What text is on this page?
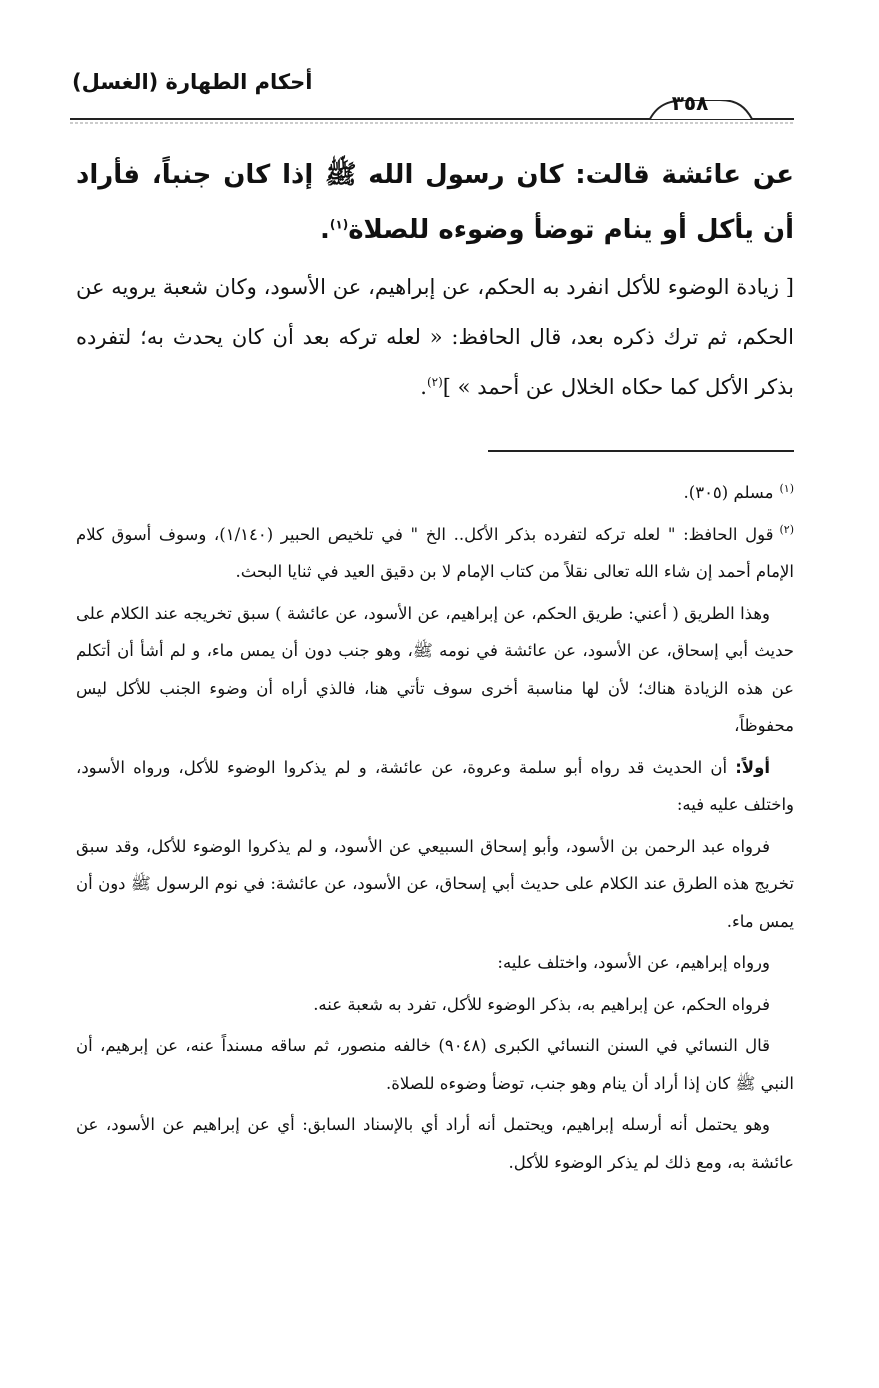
أحكام الطهارة (الغسل)
٣٥٨
عن عائشة قالت: كان رسول الله ﷺ إذا كان جنباً، فأراد أن يأكل أو ينام توضأ وضوءه للصلاة$^{(١)}$.
[ زيادة الوضوء للأكل انفرد به الحكم، عن إبراهيم، عن الأسود، وكان شعبة يرويه عن الحكم، ثم ترك ذكره بعد، قال الحافظ: « لعله تركه بعد أن كان يحدث به؛ لتفرده بذكر الأكل كما حكاه الخلال عن أحمد » ]$^{(٢)}$.

$^{(١)}$مسلم (٣٠٥).

$^{(٢)}$قول الحافظ: " لعله تركه لتفرده بذكر الأكل.. الخ " في تلخيص الحبير (١/١٤٠)، وسوف أسوق كلام الإمام أحمد إن شاء الله تعالى نقلاً من كتاب الإمام لا بن دقيق العيد في ثنايا البحث.

وهذا الطريق ( أعني: طريق الحكم، عن إبراهيم، عن الأسود، عن عائشة ) سبق تخريجه عند الكلام على حديث أبي إسحاق، عن الأسود، عن عائشة في نومه ﷺ، وهو جنب دون أن يمس ماء، و لم أشأ أن أتكلم عن هذه الزيادة هناك؛ لأن لها مناسبة أخرى سوف تأتي هنا، فالذي أراه أن وضوء الجنب للأكل ليس محفوظاً،

أولاً: أن الحديث قد رواه أبو سلمة وعروة، عن عائشة، و لم يذكروا الوضوء للأكل، ورواه الأسود، واختلف عليه فيه:

فرواه عبد الرحمن بن الأسود، وأبو إسحاق السبيعي عن الأسود، و لم يذكروا الوضوء للأكل، وقد سبق تخريج هذه الطرق عند الكلام على حديث أبي إسحاق، عن الأسود، عن عائشة: في نوم الرسول ﷺ دون أن يمس ماء.

ورواه إبراهيم، عن الأسود، واختلف عليه:

فرواه الحكم، عن إبراهيم به، بذكر الوضوء للأكل، تفرد به شعبة عنه.

قال النسائي في السنن النسائي الكبرى (٩٠٤٨) خالفه منصور، ثم ساقه مسنداً عنه، عن إبرهيم، أن النبي ﷺ كان إذا أراد أن ينام وهو جنب، توضأ وضوءه للصلاة.

وهو يحتمل أنه أرسله إبراهيم، ويحتمل أنه أراد أي بالإسناد السابق: أي عن إبراهيم عن الأسود، عن عائشة به، ومع ذلك لم يذكر الوضوء للأكل.
